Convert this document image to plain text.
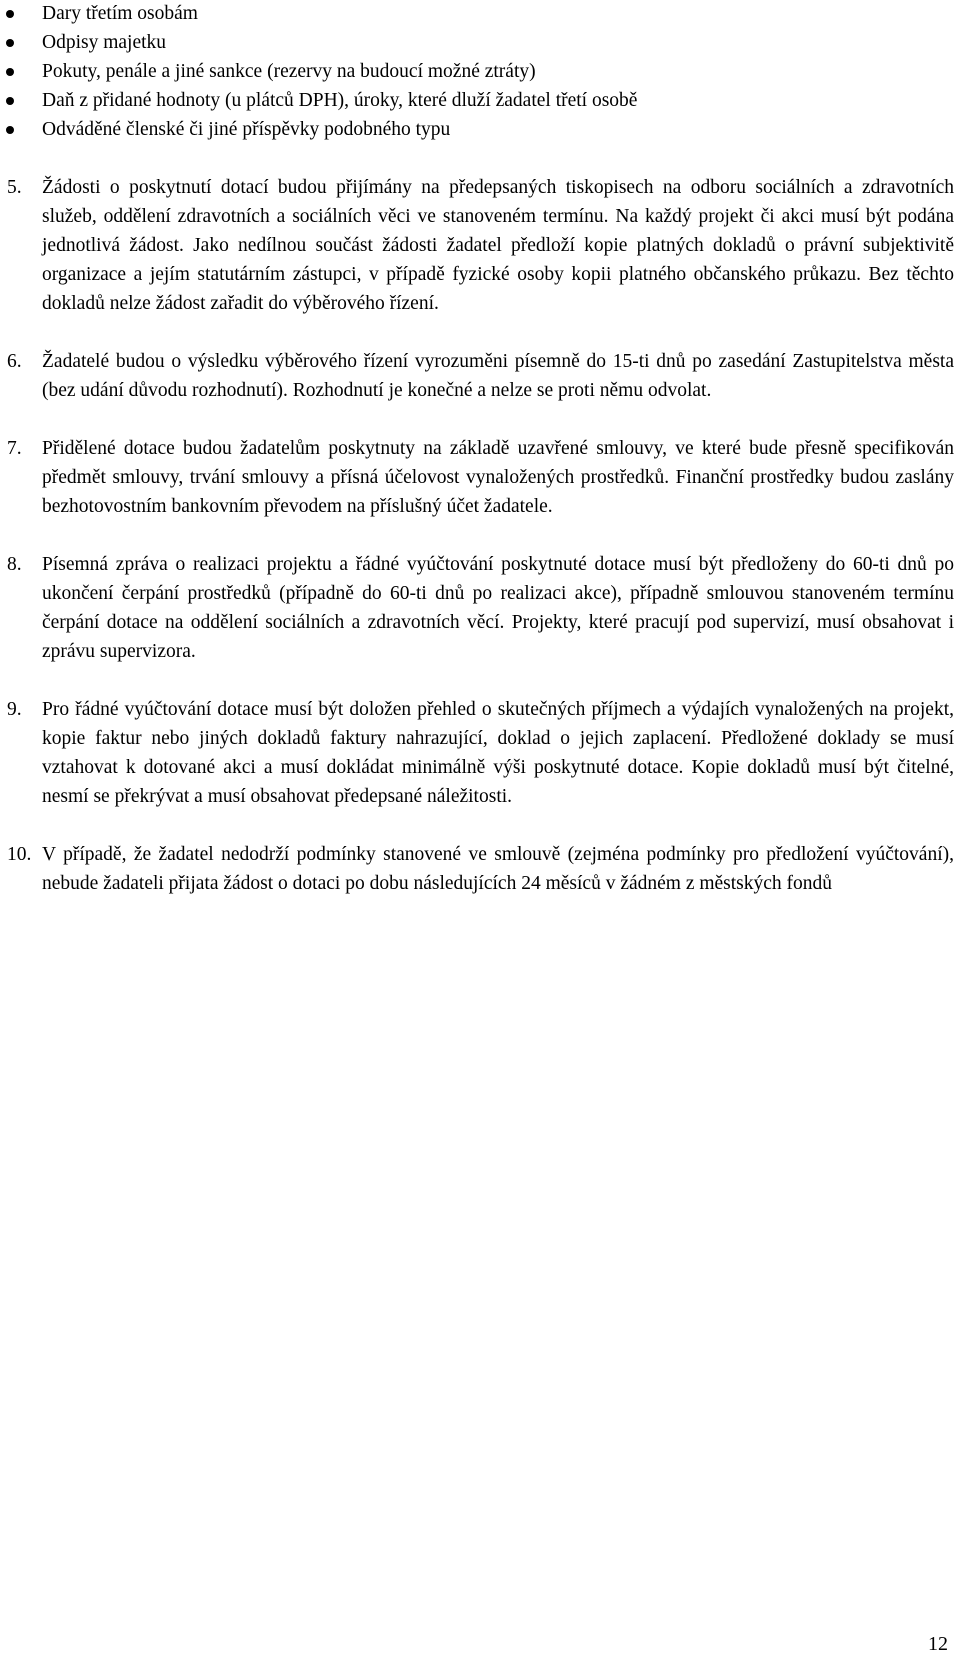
Dary třetím osobám
Odpisy majetku
Pokuty, penále a jiné sankce (rezervy na budoucí možné ztráty)
Daň z přidané hodnoty (u plátců DPH), úroky, které dluží žadatel třetí osobě
Odváděné členské či jiné příspěvky podobného typu
5. Žádosti o poskytnutí dotací budou přijímány na předepsaných tiskopisech na odboru sociálních a zdravotních služeb, oddělení zdravotních a sociálních věci ve stanoveném termínu. Na každý projekt či akci musí být podána jednotlivá žádost. Jako nedílnou součást žádosti žadatel předloží kopie platných dokladů o právní subjektivitě organizace a jejím statutárním zástupci, v případě fyzické osoby kopii platného občanského průkazu. Bez těchto dokladů nelze žádost zařadit do výběrového řízení.
6. Žadatelé budou o výsledku výběrového řízení vyrozuměni písemně do 15-ti dnů po zasedání Zastupitelstva města (bez udání důvodu rozhodnutí). Rozhodnutí je konečné a nelze se proti němu odvolat.
7. Přidělené dotace budou žadatelům poskytnuty na základě uzavřené smlouvy, ve které bude přesně specifikován předmět smlouvy, trvání smlouvy a přísná účelovost vynaložených prostředků. Finanční prostředky budou zaslány bezhotovostním bankovním převodem na příslušný účet žadatele.
8. Písemná zpráva o realizaci projektu a řádné vyúčtování poskytnuté dotace musí být předloženy do 60-ti dnů po ukončení čerpání prostředků (případně do 60-ti dnů po realizaci akce), případně smlouvou stanoveném termínu čerpání dotace na oddělení sociálních a zdravotních věcí. Projekty, které pracují pod supervizí, musí obsahovat i zprávu supervizora.
9. Pro řádné vyúčtování dotace musí být doložen přehled o skutečných příjmech a výdajích vynaložených na projekt, kopie faktur nebo jiných dokladů faktury nahrazující, doklad o jejich zaplacení. Předložené doklady se musí vztahovat k dotované akci a musí dokládat minimálně výši poskytnuté dotace. Kopie dokladů musí být čitelné, nesmí se překrývat a musí obsahovat předepsané náležitosti.
10. V případě, že žadatel nedodrží podmínky stanovené ve smlouvě (zejména podmínky pro předložení vyúčtování), nebude žadateli přijata žádost o dotaci po dobu následujících 24 měsíců v žádném z městských fondů
12
